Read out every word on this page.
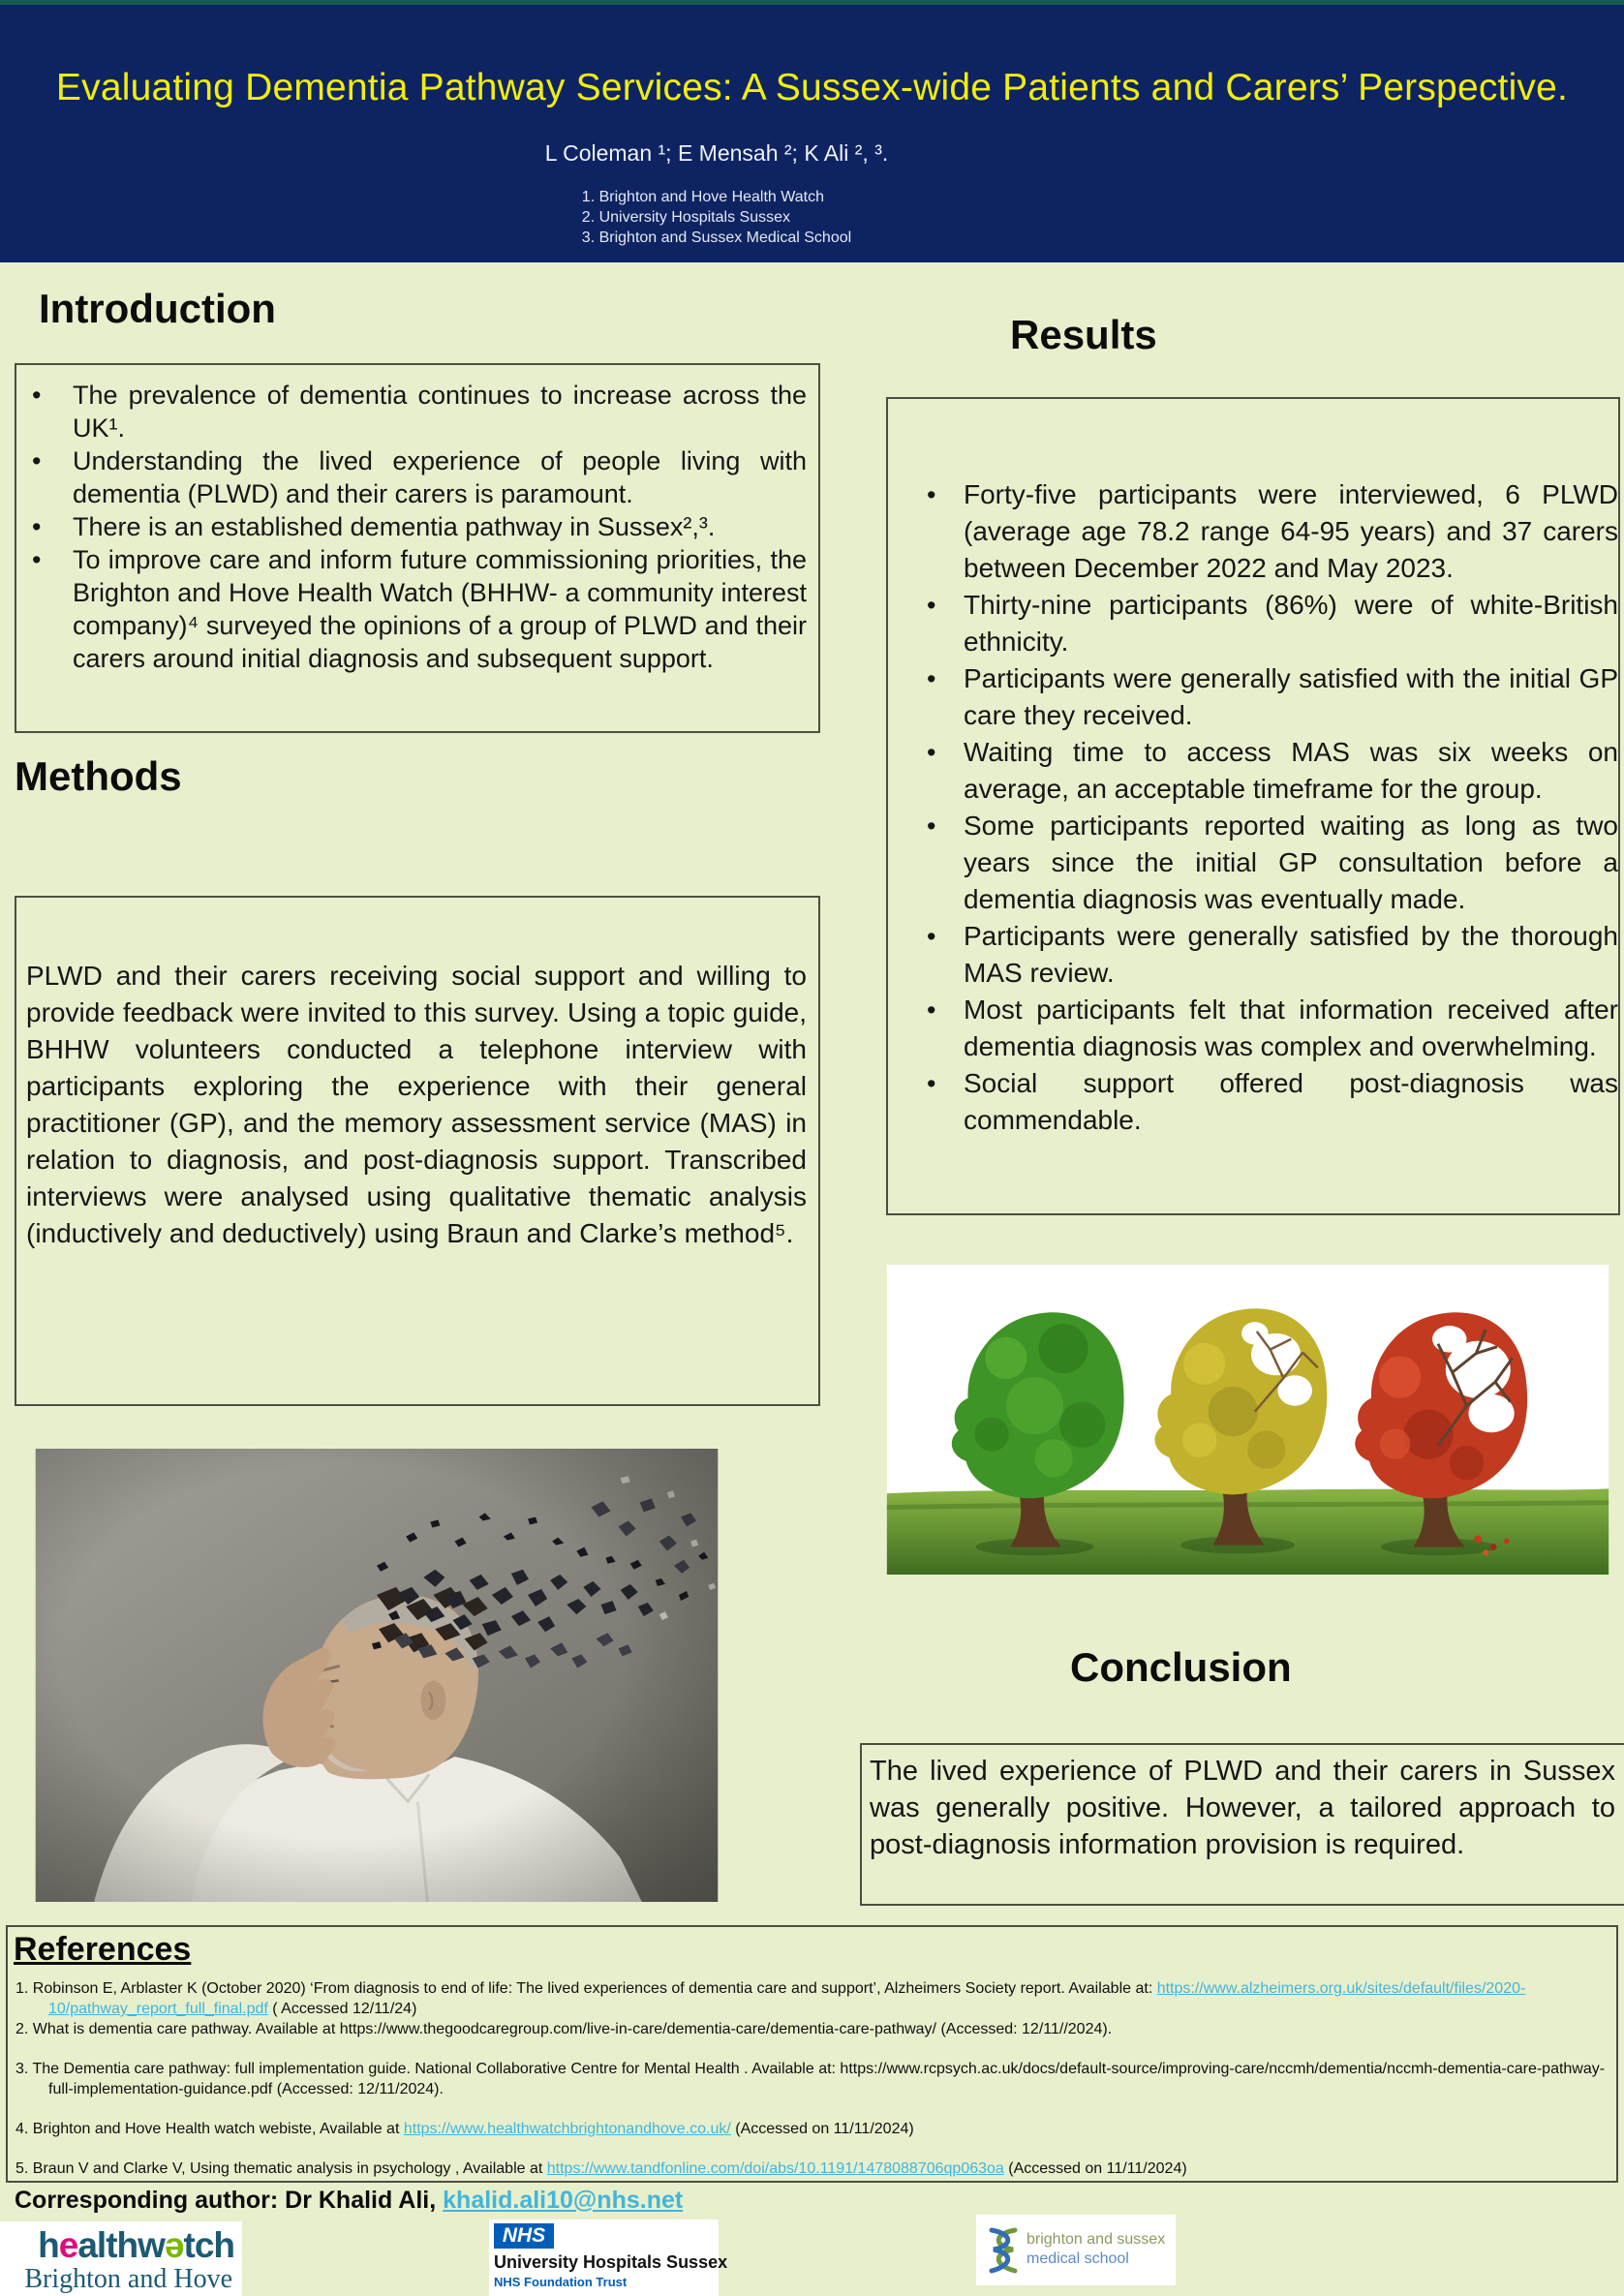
Evaluating Dementia Pathway Services: A Sussex-wide Patients and Carers’ Perspective.
L Coleman ¹; E Mensah ²; K Ali ², ³.
1. Brighton and Hove Health Watch
2. University Hospitals Sussex
3. Brighton and Sussex Medical School
Introduction

• The prevalence of dementia continues to increase across the UK¹.

• Understanding the lived experience of people living with dementia (PLWD) and their carers is paramount.

• There is an established dementia pathway in Sussex²,³.

• To improve care and inform future commissioning priorities, the Brighton and Hove Health Watch (BHHW- a community interest company)⁴ surveyed the opinions of a group of PLWD and their carers around initial diagnosis and subsequent support.

Methods
PLWD and their carers receiving social support and willing to provide feedback were invited to this survey. Using a topic guide, BHHW volunteers conducted a telephone interview with participants exploring the experience with their general practitioner (GP), and the memory assessment service (MAS) in relation to diagnosis, and post-diagnosis support. Transcribed interviews were analysed using qualitative thematic analysis (inductively and deductively) using Braun and Clarke’s method⁵.
Results

• Forty-five participants were interviewed, 6 PLWD (average age 78.2 range 64-95 years) and 37 carers between December 2022 and May 2023.

• Thirty-nine participants (86%) were of white-British ethnicity.

• Participants were generally satisfied with the initial GP care they received.

• Waiting time to access MAS was six weeks on average, an acceptable timeframe for the group.

• Some participants reported waiting as long as two years since the initial GP consultation before a dementia diagnosis was eventually made.

• Participants were generally satisfied by the thorough MAS review.

• Most participants felt that information received after dementia diagnosis was complex and overwhelming.

• Social support offered post-diagnosis was commendable.

Conclusion
The lived experience of PLWD and their carers in Sussex was generally positive. However, a tailored approach to post-diagnosis information provision is required.
References
1. Robinson E, Arblaster K (October 2020) ‘From diagnosis to end of life: The lived experiences of dementia care and support’, Alzheimers Society report. Available at: https://www.alzheimers.org.uk/sites/default/files/2020-10/pathway_report_full_final.pdf ( Accessed 12/11/24)
2. What is dementia care pathway. Available at https://www.thegoodcaregroup.com/live-in-care/dementia-care/dementia-care-pathway/ (Accessed: 12/11//2024).
3. The Dementia care pathway: full implementation guide. National Collaborative Centre for Mental Health . Available at: https://www.rcpsych.ac.uk/docs/default-source/improving-care/nccmh/dementia/nccmh-dementia-care-pathway-full-implementation-guidance.pdf (Accessed: 12/11/2024).
4. Brighton and Hove Health watch webiste, Available at https://www.healthwatchbrightonandhove.co.uk/ (Accessed on 11/11/2024)
5. Braun V and Clarke V, Using thematic analysis in psychology , Available at https://www.tandfonline.com/doi/abs/10.1191/1478088706qp063oa (Accessed on 11/11/2024)
Corresponding author: Dr Khalid Ali, khalid.ali10@nhs.net
healthwətch
Brighton and Hove
NHS
University Hospitals Sussex
NHS Foundation Trust
brighton and sussex
medical school
